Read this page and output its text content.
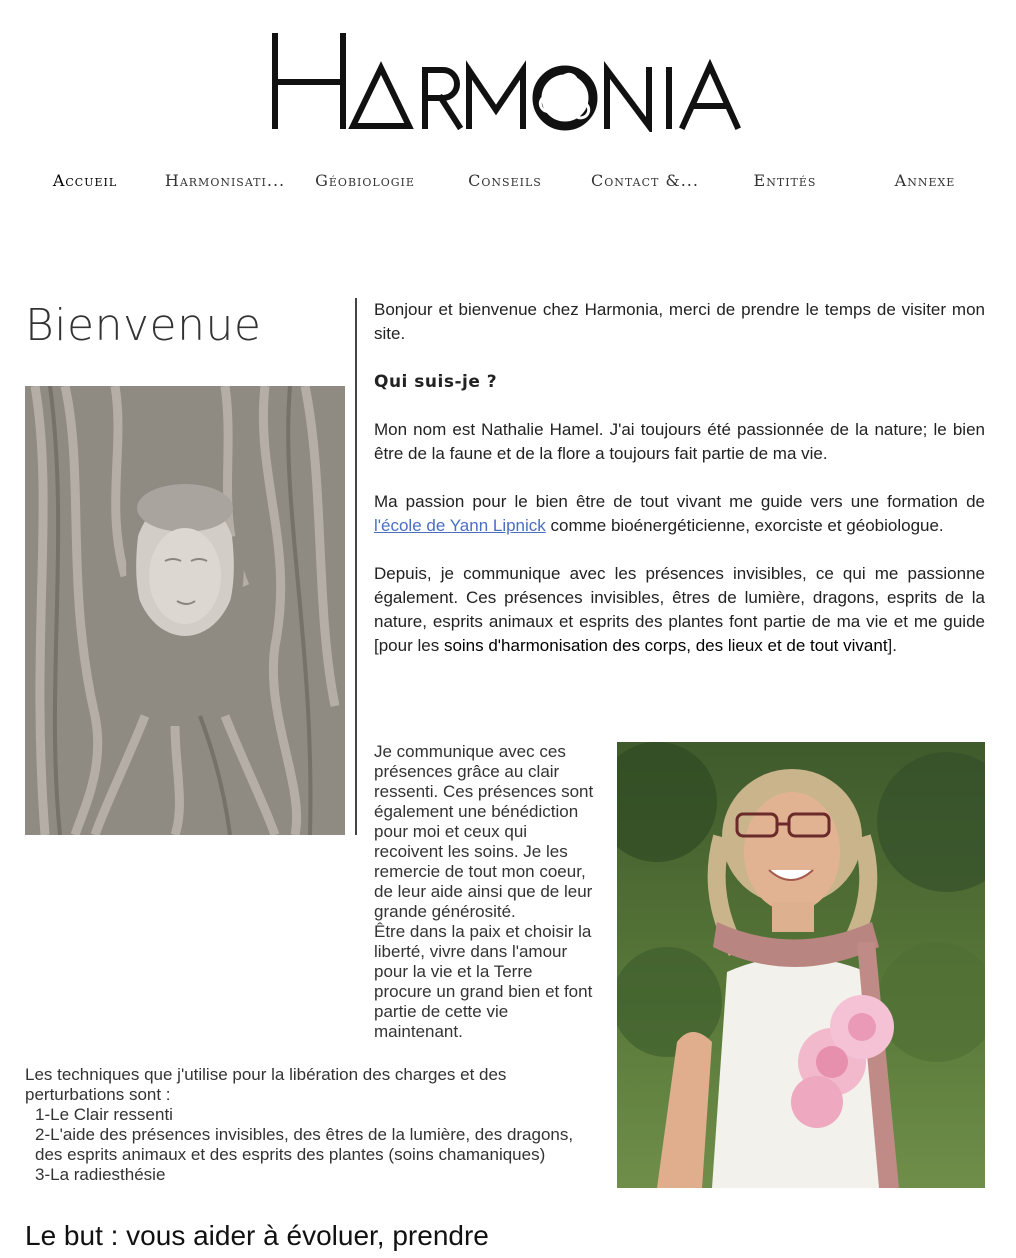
Accueil	Harmonisati...	Géobiologie	Conseils	Contact &...	Entités	Annexe
Bienvenue	Bonjour et bienvenue chez Harmonia, merci de prendre le temps de visiter mon site.

Qui suis-je ?

Mon nom est Nathalie Hamel. J'ai toujours été passionnée de la nature; le bien être de la faune et de la flore a toujours fait partie de ma vie.

Ma passion pour le bien être de tout vivant me guide vers une formation de l'école de Yann Lipnick comme bioénergéticienne, exorciste et géobiologue.

Depuis, je communique avec les présences invisibles, ce qui me passionne également. Ces présences invisibles, êtres de lumière, dragons, esprits de la nature, esprits animaux et esprits des plantes font partie de ma vie et me guide [pour les soins d'harmonisation des corps, des lieux et de tout vivant].

Je communique avec ces présences grâce au clair ressenti. Ces présences sont également une bénédiction pour moi et ceux qui recoivent les soins. Je les remercie de tout mon coeur, de leur aide ainsi que de leur grande générosité.

Être dans la paix et choisir la liberté, vivre dans l'amour pour la vie et la Terre procure un grand bien et font partie de cette vie maintenant.

Les techniques que j'utilise pour la libération des charges et des perturbations sont :

1-Le Clair ressenti

2-L'aide des présences invisibles, des êtres de la lumière, des dragons, des esprits animaux et des esprits des plantes (soins chamaniques)

3-La radiesthésie

Le but : vous aider à évoluer, prendre
